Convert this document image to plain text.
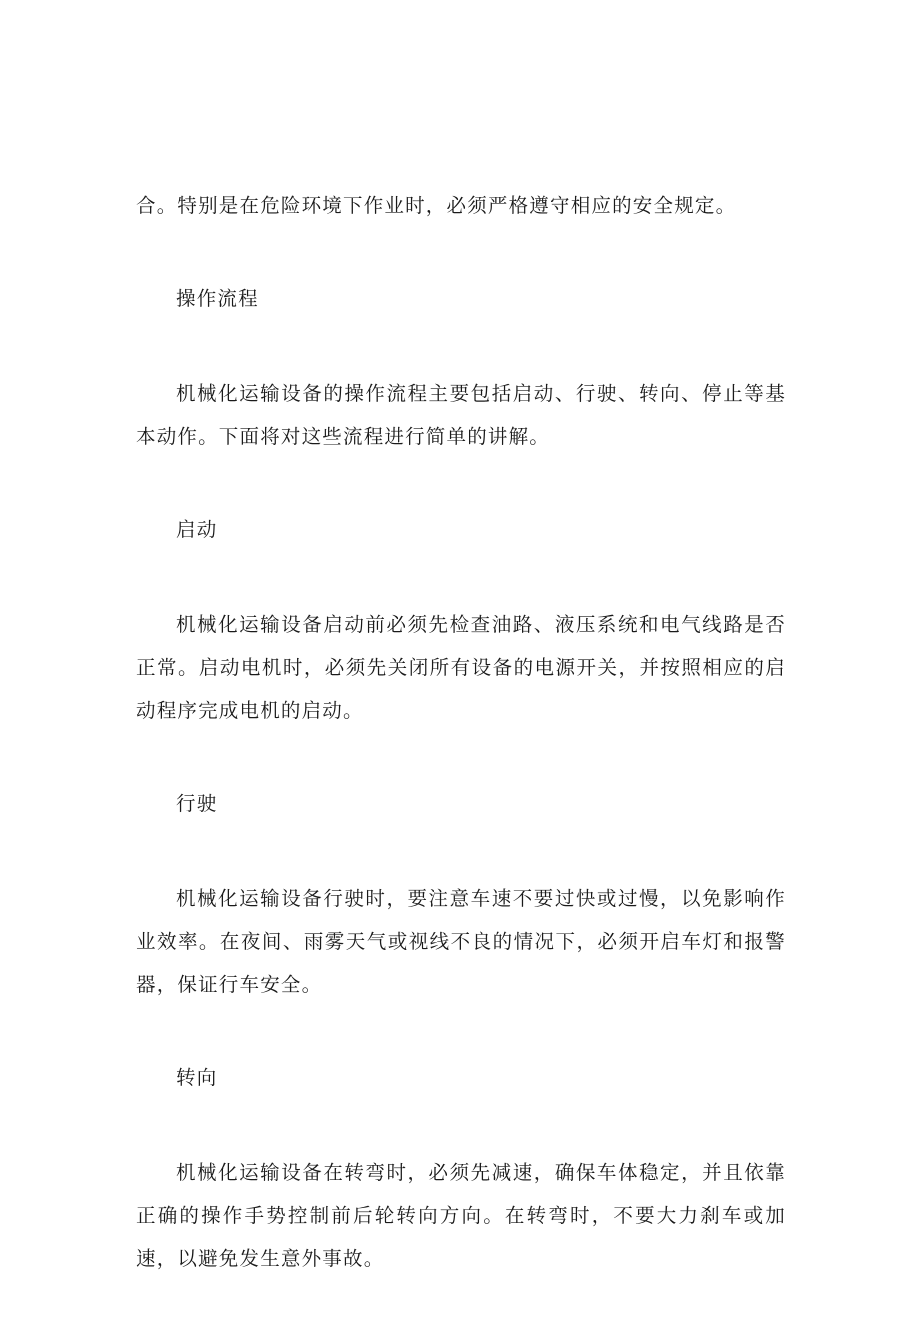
合。特别是在危险环境下作业时，必须严格遵守相应的安全规定。

操作流程

机械化运输设备的操作流程主要包括启动、行驶、转向、停止等基本动作。下面将对这些流程进行简单的讲解。

启动

机械化运输设备启动前必须先检查油路、液压系统和电气线路是否正常。启动电机时，必须先关闭所有设备的电源开关，并按照相应的启动程序完成电机的启动。

行驶

机械化运输设备行驶时，要注意车速不要过快或过慢，以免影响作业效率。在夜间、雨雾天气或视线不良的情况下，必须开启车灯和报警器，保证行车安全。

转向

机械化运输设备在转弯时，必须先减速，确保车体稳定，并且依靠正确的操作手势控制前后轮转向方向。在转弯时，不要大力刹车或加速，以避免发生意外事故。
